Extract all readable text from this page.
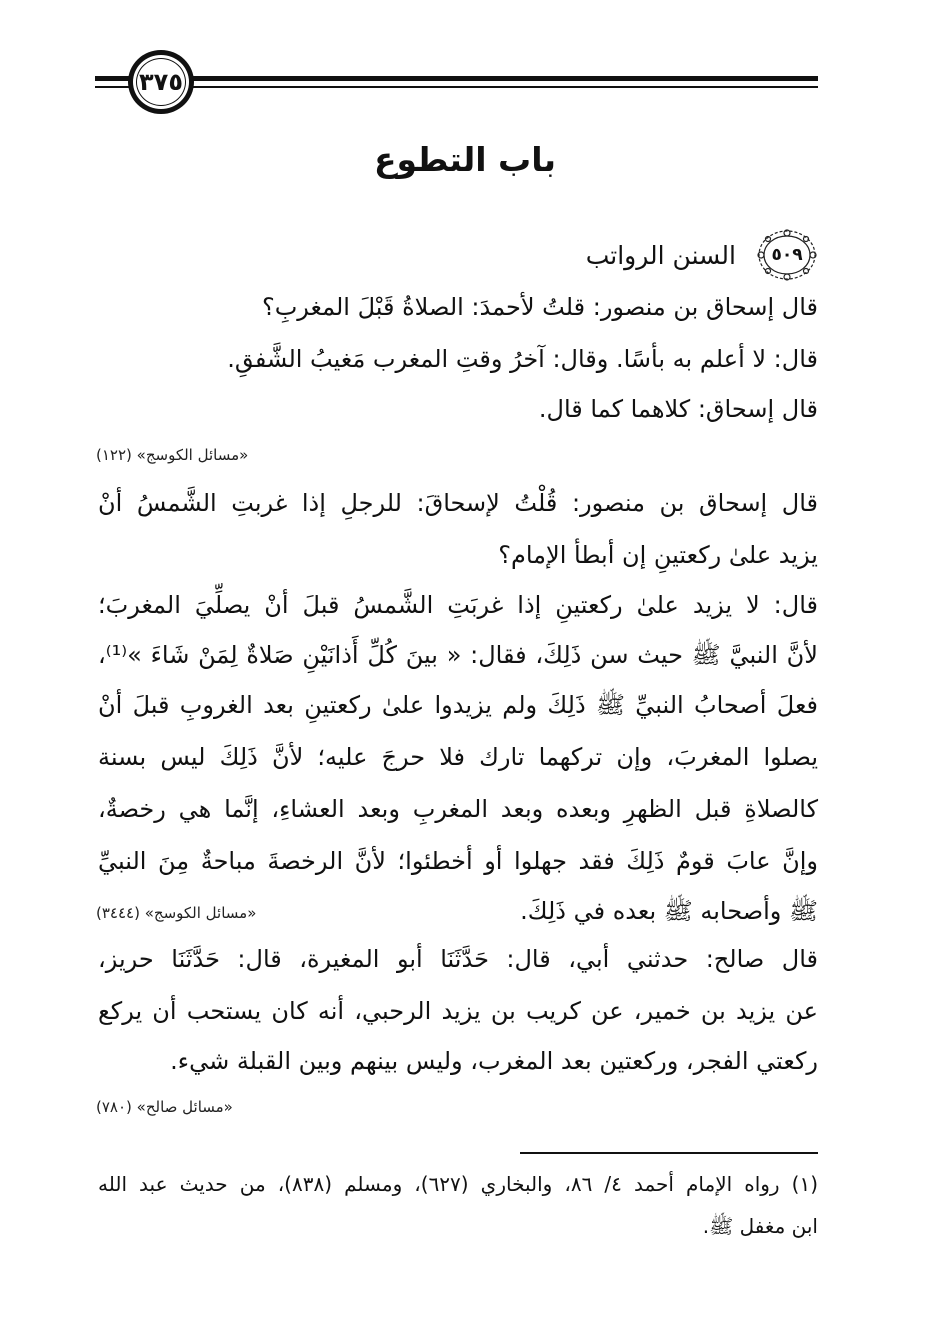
٣٧٥
باب التطوع
٥٠٩
السنن الرواتب
قال إسحاق بن منصور: قلتُ لأحمدَ: الصلاةُ قَبْلَ المغربِ؟
قال: لا أعلم به بأسًا. وقال: آخرُ وقتِ المغرب مَغيبُ الشَّفقِ.
قال إسحاق: كلاهما كما قال.
«مسائل الكوسج» (١٢٢)
قال إسحاق بن منصور: قُلْتُ لإسحاقَ: للرجلِ إذا غربتِ الشَّمسُ أنْ
يزيد علىٰ ركعتينِ إن أبطأ الإمام؟
قال: لا يزيد علىٰ ركعتينِ إذا غربَتِ الشَّمسُ قبلَ أنْ يصلِّيَ المغربَ؛
لأنَّ النبيَّ ﷺ حيث سن ذَلِكَ، فقال: « بينَ كُلِّ أَذانَيْنِ صَلاةٌ لِمَنْ شَاءَ »⁽¹⁾،
فعلَ أصحابُ النبيِّ ﷺ ذَلِكَ ولم يزيدوا علىٰ ركعتينِ بعد الغروبِ قبلَ أنْ
يصلوا المغربَ، وإن تركهما تارك فلا حرجَ عليه؛ لأنَّ ذَلِكَ ليس بسنة
كالصلاةِ قبل الظهرِ وبعده وبعد المغربِ وبعد العشاءِ، إنَّما هي رخصةٌ،
وإنَّ عابَ قومٌ ذَلِكَ فقد جهلوا أو أخطئوا؛ لأنَّ الرخصةَ مباحةٌ مِنَ النبيِّ
ﷺ وأصحابه ﷺ بعده في ذَلِكَ.
«مسائل الكوسج» (٣٤٤٤)
قال صالح: حدثني أبي، قال: حَدَّثَنَا أبو المغيرة، قال: حَدَّثَنَا حريز،
عن يزيد بن خمير، عن كريب بن يزيد الرحبي، أنه كان يستحب أن يركع
ركعتي الفجر، وركعتين بعد المغرب، وليس بينهم وبين القبلة شيء.
«مسائل صالح» (٧٨٠)
(١) رواه الإمام أحمد ٤/ ٨٦، والبخاري (٦٢٧)، ومسلم (٨٣٨)، من حديث عبد الله
ابن مغفل ﷺ.
